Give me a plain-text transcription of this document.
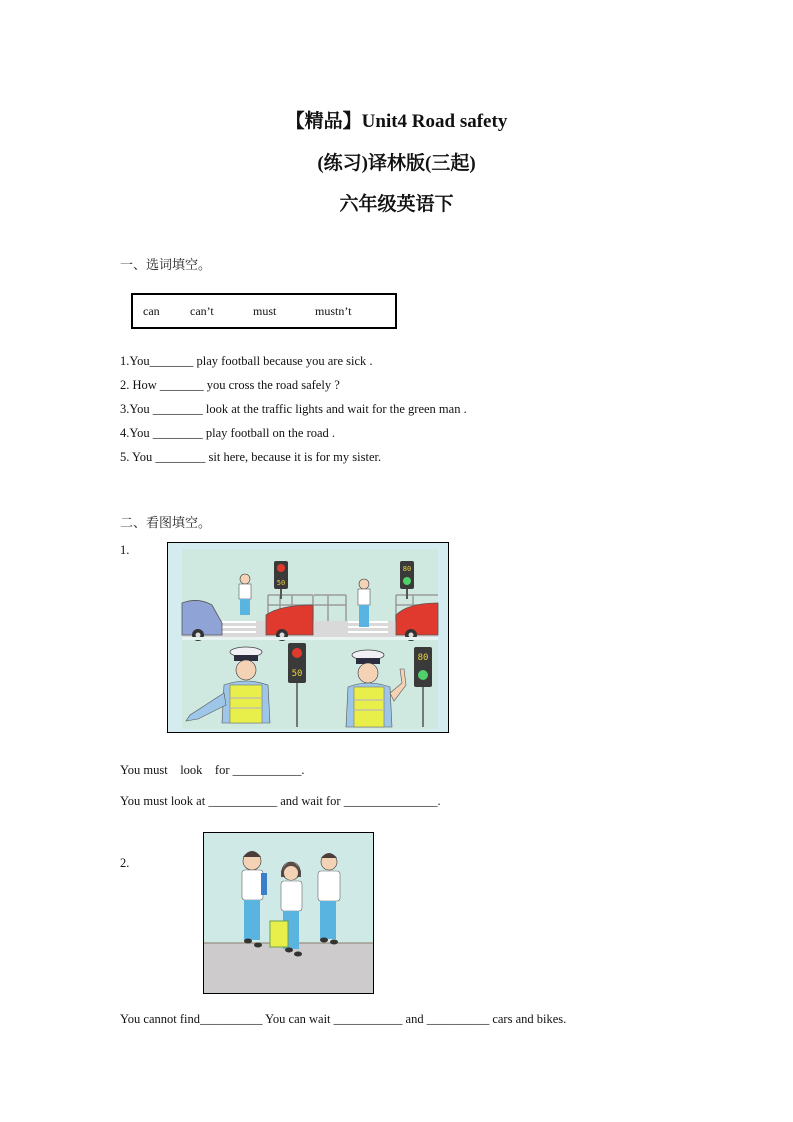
【精品】Unit4 Road safety
(练习)译林版(三起)
六年级英语下
一、选词填空。
can	can’t	must	mustn’t
1.You_______ play football because you are sick .
2. How _______ you cross the road safely ?
3.You ________ look at the traffic lights and wait for the green man .
4.You ________ play football on the road .
5. You ________ sit here, because it is for my sister.
二、看图填空。
1.
50
80
50
80
You must    look    for ___________.
You must look at ___________ and wait for _______________.
2.
You cannot find__________ You can wait ___________ and __________ cars and bikes.
